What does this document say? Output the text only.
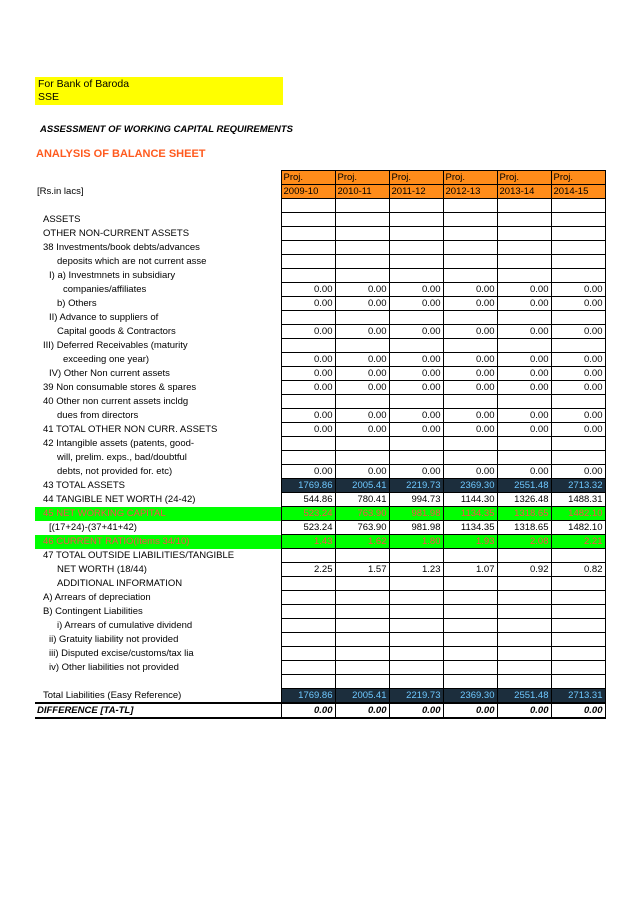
For Bank of Baroda
SSE
ASSESSMENT OF WORKING CAPITAL REQUIREMENTS
ANALYSIS OF BALANCE SHEET
	Proj.	Proj.	Proj.	Proj.	Proj.	Proj.
[Rs.in lacs]	2009-10	2010-11	2011-12	2012-13	2013-14	2014-15

ASSETS						
OTHER NON-CURRENT ASSETS						
38 Investments/book debts/advances						
deposits which are not current asse						
I) a) Investmnets in subsidiary						
companies/affiliates	0.00	0.00	0.00	0.00	0.00	0.00
b) Others	0.00	0.00	0.00	0.00	0.00	0.00
II) Advance to suppliers of						
Capital goods & Contractors	0.00	0.00	0.00	0.00	0.00	0.00
III) Deferred Receivables (maturity						
exceeding one year)	0.00	0.00	0.00	0.00	0.00	0.00
IV) Other Non current assets	0.00	0.00	0.00	0.00	0.00	0.00
39 Non consumable stores & spares	0.00	0.00	0.00	0.00	0.00	0.00
40 Other non current assets incldg						
dues from directors	0.00	0.00	0.00	0.00	0.00	0.00
41 TOTAL OTHER NON CURR. ASSETS	0.00	0.00	0.00	0.00	0.00	0.00
42 Intangible assets (patents, good-						
will, prelim. exps., bad/doubtful						
debts, not provided for. etc)	0.00	0.00	0.00	0.00	0.00	0.00
43 TOTAL ASSETS	1769.86	2005.41	2219.73	2369.30	2551.48	2713.32
44 TANGIBLE NET WORTH (24-42)	544.86	780.41	994.73	1144.30	1326.48	1488.31
45 NET WORKING CAPITAL	523.24	763.90	981.98	1134.35	1318.65	1482.10
[(17+24)-(37+41+42)	523.24	763.90	981.98	1134.35	1318.65	1482.10
46 CURRENT RATIO(Items 34/10)	1.43	1.62	1.80	1.93	2.08	2.21
47 TOTAL OUTSIDE LIABILITIES/TANGIBLE						
NET WORTH (18/44)	2.25	1.57	1.23	1.07	0.92	0.82
ADDITIONAL INFORMATION						
A) Arrears of depreciation						
B) Contingent Liabilities						
i) Arrears of cumulative dividend						
ii) Gratuity liability not provided						
iii) Disputed excise/customs/tax lia						
iv) Other liabilities not provided						

Total Liabilities (Easy Reference)	1769.86	2005.41	2219.73	2369.30	2551.48	2713.31
DIFFERENCE [TA-TL]	0.00	0.00	0.00	0.00	0.00	0.00
